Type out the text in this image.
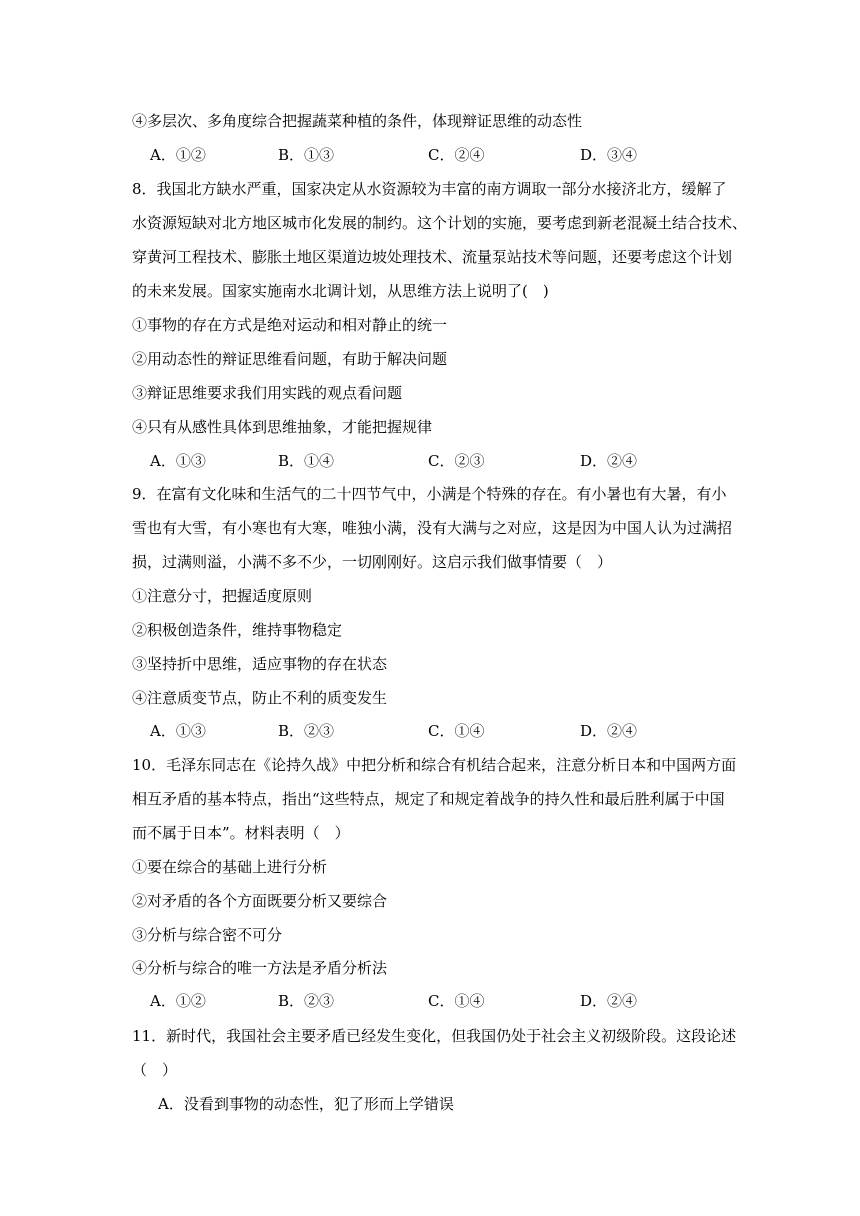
④多层次、多角度综合把握蔬菜种植的条件，体现辩证思维的动态性
A．①②	B．①③	C．②④	D．③④
8．我国北方缺水严重，国家决定从水资源较为丰富的南方调取一部分水接济北方，缓解了
水资源短缺对北方地区城市化发展的制约。这个计划的实施，要考虑到新老混凝土结合技术、
穿黄河工程技术、膨胀土地区渠道边坡处理技术、流量泵站技术等问题，还要考虑这个计划
的未来发展。国家实施南水北调计划，从思维方法上说明了(　)
①事物的存在方式是绝对运动和相对静止的统一
②用动态性的辩证思维看问题，有助于解决问题
③辩证思维要求我们用实践的观点看问题
④只有从感性具体到思维抽象，才能把握规律
A．①③	B．①④	C．②③	D．②④
9．在富有文化味和生活气的二十四节气中，小满是个特殊的存在。有小暑也有大暑，有小
雪也有大雪，有小寒也有大寒，唯独小满，没有大满与之对应，这是因为中国人认为过满招
损，过满则溢，小满不多不少，一切刚刚好。这启示我们做事情要（　）
①注意分寸，把握适度原则
②积极创造条件，维持事物稳定
③坚持折中思维，适应事物的存在状态
④注意质变节点，防止不利的质变发生
A．①③	B．②③	C．①④	D．②④
10．毛泽东同志在《论持久战》中把分析和综合有机结合起来，注意分析日本和中国两方面
相互矛盾的基本特点，指出“这些特点，规定了和规定着战争的持久性和最后胜利属于中国
而不属于日本”。材料表明（　）
①要在综合的基础上进行分析
②对矛盾的各个方面既要分析又要综合
③分析与综合密不可分
④分析与综合的唯一方法是矛盾分析法
A．①②	B．②③	C．①④	D．②④
11．新时代，我国社会主要矛盾已经发生变化，但我国仍处于社会主义初级阶段。这段论述
（　）
A．没看到事物的动态性，犯了形而上学错误
